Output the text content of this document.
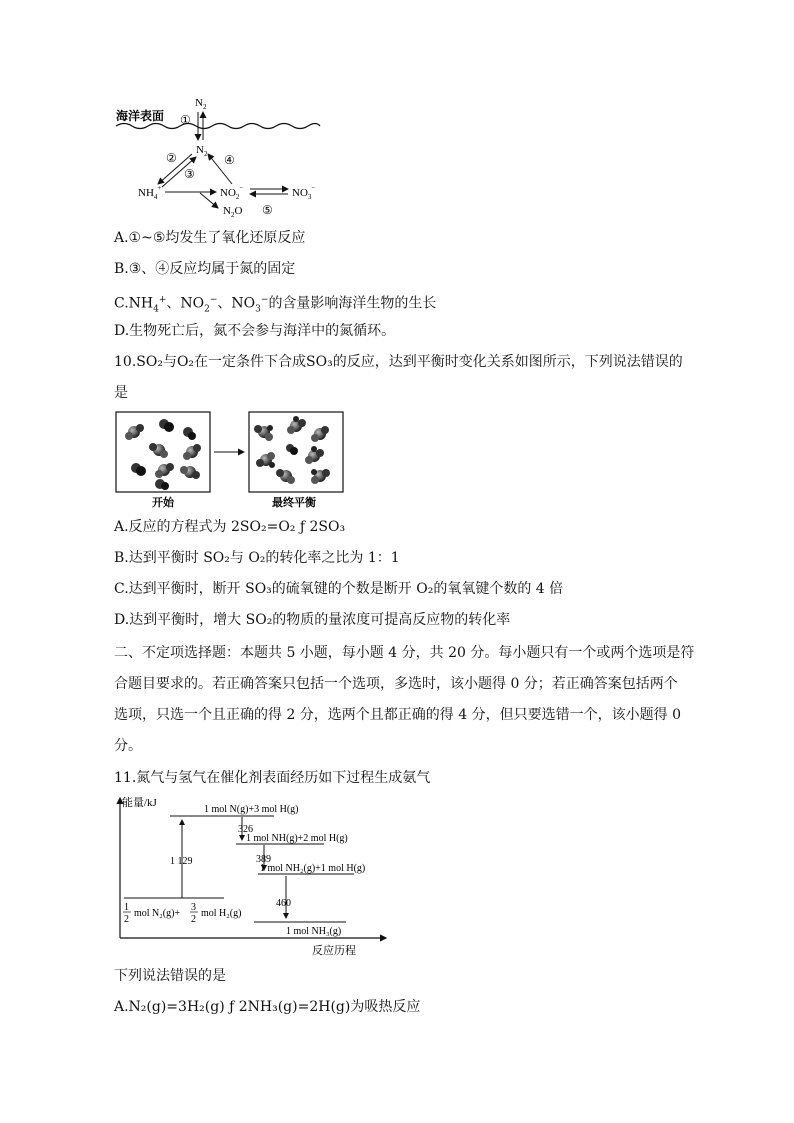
海洋表面
$N_2$
①
$N_2$
$NH_4^+$	$NO_2^-$	$NO_3^-$
$N_2O$
②
③
④
⑤
A.①~⑤均发生了氧化还原反应
B.③、④反应均属于氮的固定
$C.NH_4^+$、$NO_2^-$、$NO_3^-$的含量影响海洋生物的生长
D.生物死亡后，氮不会参与海洋中的氮循环。
10.SO₂与O₂在一定条件下合成SO₃的反应，达到平衡时变化关系如图所示，下列说法错误的
是
开始	最终平衡
A.反应的方程式为 2SO₂=O₂ ƒ 2SO₃
B.达到平衡时 SO₂与 O₂的转化率之比为 1：1
C.达到平衡时，断开 SO₃的硫氧键的个数是断开 O₂的氧氧键个数的 4 倍
D.达到平衡时，增大 SO₂的物质的量浓度可提高反应物的转化率
二、不定项选择题：本题共 5 小题，每小题 4 分，共 20 分。每小题只有一个或两个选项是符
合题目要求的。若正确答案只包括一个选项，多选时，该小题得 0 分；若正确答案包括两个
选项，只选一个且正确的得 2 分，选两个且都正确的得 4 分，但只要选错一个，该小题得 0
分。
11.氮气与氢气在催化剂表面经历如下过程生成氨气
能量/kJ
反应历程
1 mol N(g)+3 mol H(g)
1 mol NH(g)+2 mol H(g)
1 mol NH₂(g)+1 mol H(g)
1
2
mol N₂(g)+
3
2
mol H₂(g)
1 mol NH₃(g)
1 129
326
389
460
下列说法错误的是
A.N₂(g)=3H₂(g) ƒ 2NH₃(g)=2H(g)为吸热反应
